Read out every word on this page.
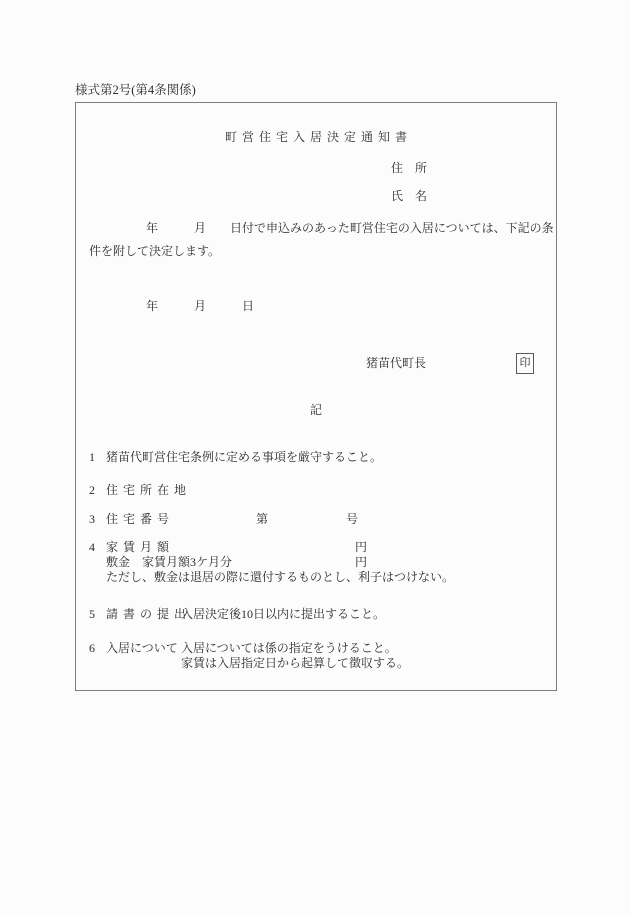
様式第2号(第4条関係)
町 営 住 宅 入 居 決 定 通 知 書
住　所
氏　名
年　　　月　　日付で申込みのあった町営住宅の入居については、下記の条
件を附して決定します。
年　　　月　　　日
猪苗代町長	印
記
1 猪苗代町営住宅条例に定める事項を厳守すること。
2 住 宅 所 在 地
3 住 宅 番 号	第	号
4 家 賃 月 額	円
敷金　家賃月額3ケ月分	円
ただし、敷金は退居の際に還付するものとし、利子はつけない。
5 請 書 の 提 出
入居決定後10日以内に提出すること。
6 入居について 入居については係の指定をうけること。
家賃は入居指定日から起算して徴収する。
